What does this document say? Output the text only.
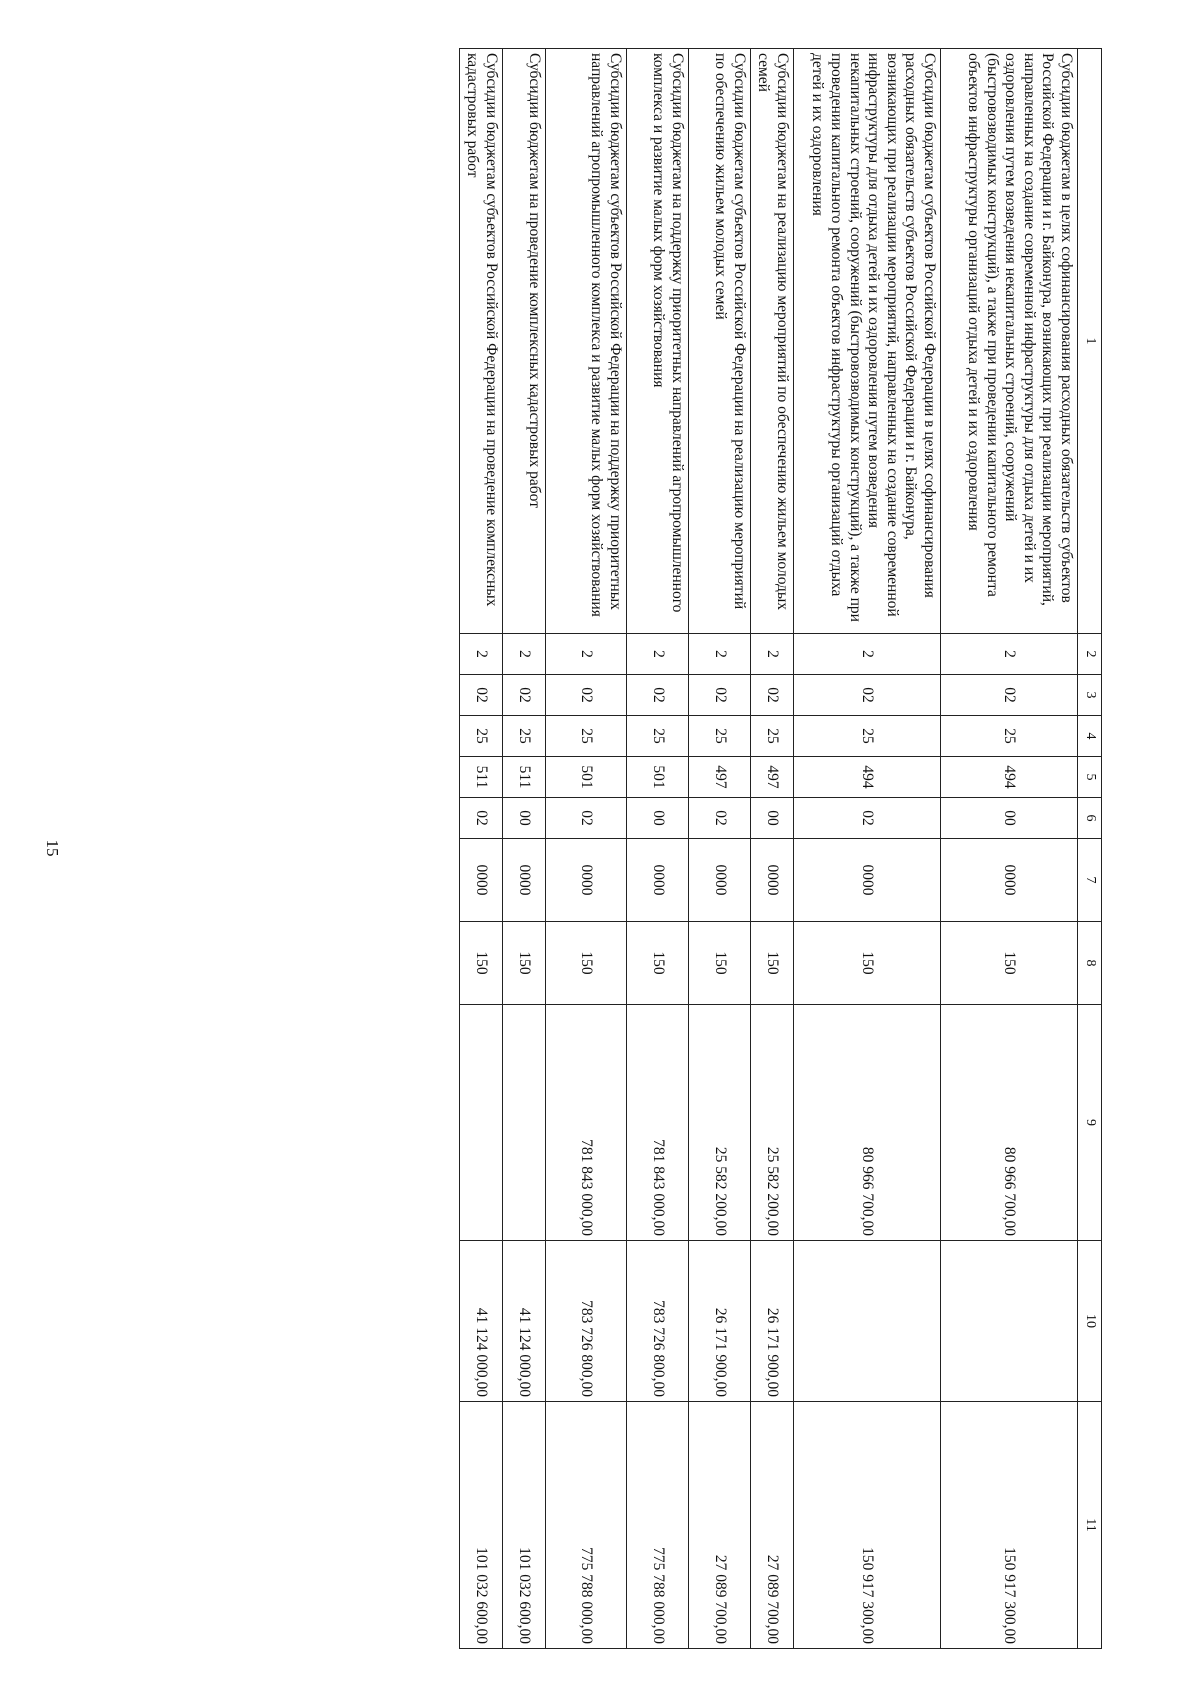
1	2	3	4	5	6	7	8	9	10	11
Субсидии бюджетам в целях софинансирования расходных обязательств субъектов Российской Федерации и г. Байконура, возникающих при реализации мероприятий, направленных на создание современной инфраструктуры для отдыха детей и их оздоровления путем возведения некапитальных строений, сооружений (быстровозводимых конструкций), а также при проведении капитального ремонта объектов инфраструктуры организаций отдыха детей и их оздоровления	2	02	25	494	00	0000	150	80 966 700,00		150 917 300,00
Субсидии бюджетам субъектов Российской Федерации в целях софинансирования расходных обязательств субъектов Российской Федерации и г. Байконура, возникающих при реализации мероприятий, направленных на создание современной инфраструктуры для отдыха детей и их оздоровления путем возведения некапитальных строений, сооружений (быстровозводимых конструкций), а также при проведении капитального ремонта объектов инфраструктуры организаций отдыха детей и их оздоровления	2	02	25	494	02	0000	150	80 966 700,00		150 917 300,00
Субсидии бюджетам на реализацию мероприятий по обеспечению жильем молодых семей	2	02	25	497	00	0000	150	25 582 200,00	26 171 900,00	27 089 700,00
Субсидии бюджетам субъектов Российской Федерации на реализацию мероприятий по обеспечению жильем молодых семей	2	02	25	497	02	0000	150	25 582 200,00	26 171 900,00	27 089 700,00
Субсидии бюджетам на поддержку приоритетных направлений агропромышленного комплекса и развитие малых форм хозяйствования	2	02	25	501	00	0000	150	781 843 000,00	783 726 800,00	775 788 000,00
Субсидии бюджетам субъектов Российской Федерации на поддержку приоритетных направлений агропромышленного комплекса и развитие малых форм хозяйствования	2	02	25	501	02	0000	150	781 843 000,00	783 726 800,00	775 788 000,00
Субсидии бюджетам на проведение комплексных кадастровых работ	2	02	25	511	00	0000	150		41 124 000,00	101 032 600,00
Субсидии бюджетам субъектов Российской Федерации на проведение комплексных кадастровых работ	2	02	25	511	02	0000	150		41 124 000,00	101 032 600,00
15
